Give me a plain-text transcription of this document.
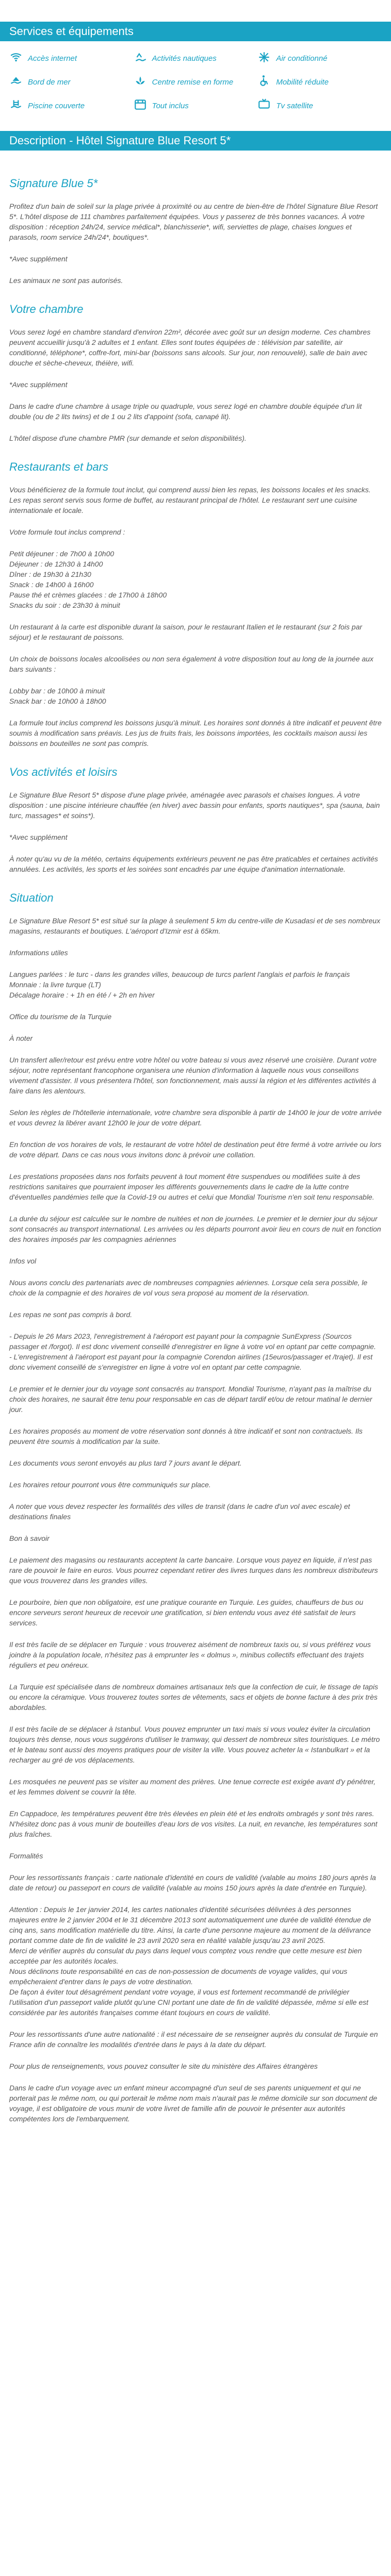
Services et équipements
Accès internet	Activités nautiques	Air conditionné
Bord de mer	Centre remise en forme	Mobilité réduite
Piscine couverte	Tout inclus	Tv satellite
Description - Hôtel Signature Blue Resort 5*
Signature Blue 5*

Profitez d'un bain de soleil sur la plage privée à proximité ou au centre de bien-être de l'hôtel Signature Blue Resort 5*. L'hôtel dispose de 111 chambres parfaitement équipées. Vous y passerez de très bonnes vacances. À votre disposition : réception 24h/24, service médical*, blanchisserie*, wifi, serviettes de plage, chaises longues et parasols, room service 24h/24*, boutiques*.

*Avec supplément

Les animaux ne sont pas autorisés.

Votre chambre

Vous serez logé en chambre standard d'environ 22m², décorée avec goût sur un design moderne. Ces chambres peuvent accueillir jusqu'à 2 adultes et 1 enfant. Elles sont toutes équipées de : télévision par satellite, air conditionné, téléphone*, coffre-fort, mini-bar (boissons sans alcools. Sur jour, non renouvelé), salle de bain avec douche et sèche-cheveux, théière, wifi.

*Avec supplément

Dans le cadre d'une chambre à usage triple ou quadruple, vous serez logé en chambre double équipée d'un lit double (ou de 2 lits twins) et de 1 ou 2 lits d'appoint (sofa, canapé lit).

L'hôtel dispose d'une chambre PMR (sur demande et selon disponibilités).

Restaurants et bars

Vous bénéficierez de la formule tout inclut, qui comprend aussi bien les repas, les boissons locales et les snacks. Les repas seront servis sous forme de buffet, au restaurant principal de l'hôtel. Le restaurant sert une cuisine internationale et locale.

Votre formule tout inclus comprend :

Petit déjeuner : de 7h00 à 10h00
Déjeuner : de 12h30 à 14h00
Dîner : de 19h30 à 21h30
Snack : de 14h00 à 16h00
Pause thé et crèmes glacées : de 17h00 à 18h00
Snacks du soir : de 23h30 à minuit

Un restaurant à la carte est disponible durant la saison, pour le restaurant Italien et le restaurant (sur 2 fois par séjour) et le restaurant de poissons.

Un choix de boissons locales alcoolisées ou non sera également à votre disposition tout au long de la journée aux bars suivants :

Lobby bar : de 10h00 à minuit
Snack bar : de 10h00 à 18h00

La formule tout inclus comprend les boissons jusqu'à minuit. Les horaires sont donnés à titre indicatif et peuvent être soumis à modification sans préavis. Les jus de fruits frais, les boissons importées, les cocktails maison aussi les boissons en bouteilles ne sont pas compris.

Vos activités et loisirs

Le Signature Blue Resort 5* dispose d'une plage privée, aménagée avec parasols et chaises longues. À votre disposition : une piscine intérieure chauffée (en hiver) avec bassin pour enfants, sports nautiques*, spa (sauna, bain turc, massages* et soins*).

*Avec supplément

À noter qu'au vu de la météo, certains équipements extérieurs peuvent ne pas être praticables et certaines activités annulées. Les activités, les sports et les soirées sont encadrés par une équipe d'animation internationale.

Situation

Le Signature Blue Resort 5* est situé sur la plage à seulement 5 km du centre-ville de Kusadasi et de ses nombreux magasins, restaurants et boutiques. L'aéroport d'Izmir est à 65km.

Informations utiles

Langues parlées : le turc - dans les grandes villes, beaucoup de turcs parlent l'anglais et parfois le français
Monnaie : la livre turque (LT)
Décalage horaire : + 1h en été / + 2h en hiver

Office du tourisme de la Turquie

À noter

Un transfert aller/retour est prévu entre votre hôtel ou votre bateau si vous avez réservé une croisière. Durant votre séjour, notre représentant francophone organisera une réunion d'information à laquelle nous vous conseillons vivement d'assister. Il vous présentera l'hôtel, son fonctionnement, mais aussi la région et les différentes activités à faire dans les alentours.

Selon les règles de l'hôtellerie internationale, votre chambre sera disponible à partir de 14h00 le jour de votre arrivée et vous devrez la libérer avant 12h00 le jour de votre départ.

En fonction de vos horaires de vols, le restaurant de votre hôtel de destination peut être fermé à votre arrivée ou lors de votre départ. Dans ce cas nous vous invitons donc à prévoir une collation.

Les prestations proposées dans nos forfaits peuvent à tout moment être suspendues ou modifiées suite à des restrictions sanitaires que pourraient imposer les différents gouvernements dans le cadre de la lutte contre d'éventuelles pandémies telle que la Covid-19 ou autres et celui que Mondial Tourisme n'en soit tenu responsable.

La durée du séjour est calculée sur le nombre de nuitées et non de journées. Le premier et le dernier jour du séjour sont consacrés au transport international. Les arrivées ou les départs pourront avoir lieu en cours de nuit en fonction des horaires imposés par les compagnies aériennes

Infos vol

Nous avons conclu des partenariats avec de nombreuses compagnies aériennes. Lorsque cela sera possible, le choix de la compagnie et des horaires de vol vous sera proposé au moment de la réservation.

Les repas ne sont pas compris à bord.

- Depuis le 26 Mars 2023, l'enregistrement à l'aéroport est payant pour la compagnie SunExpress (Sourcos passager et /forgot). Il est donc vivement conseillé d'enregistrer en ligne à votre vol en optant par cette compagnie.
- L'enregistrement à l'aéroport est payant pour la compagnie Corendon airlines (15euros/passager et /trajet). Il est donc vivement conseillé de s'enregistrer en ligne à votre vol en optant par cette compagnie.

Le premier et le dernier jour du voyage sont consacrés au transport. Mondial Tourisme, n'ayant pas la maîtrise du choix des horaires, ne saurait être tenu pour responsable en cas de départ tardif et/ou de retour matinal le dernier jour.

Les horaires proposés au moment de votre réservation sont donnés à titre indicatif et sont non contractuels. Ils peuvent être soumis à modification par la suite.

Les documents vous seront envoyés au plus tard 7 jours avant le départ.

Les horaires retour pourront vous être communiqués sur place.

A noter que vous devez respecter les formalités des villes de transit (dans le cadre d'un vol avec escale) et destinations finales

Bon à savoir

Le paiement des magasins ou restaurants acceptent la carte bancaire. Lorsque vous payez en liquide, il n'est pas rare de pouvoir le faire en euros. Vous pourrez cependant retirer des livres turques dans les nombreux distributeurs que vous trouverez dans les grandes villes.

Le pourboire, bien que non obligatoire, est une pratique courante en Turquie. Les guides, chauffeurs de bus ou encore serveurs seront heureux de recevoir une gratification, si bien entendu vous avez été satisfait de leurs services.

Il est très facile de se déplacer en Turquie : vous trouverez aisément de nombreux taxis ou, si vous préférez vous joindre à la population locale, n'hésitez pas à emprunter les « dolmus », minibus collectifs effectuant des trajets réguliers et peu onéreux.

La Turquie est spécialisée dans de nombreux domaines artisanaux tels que la confection de cuir, le tissage de tapis ou encore la céramique. Vous trouverez toutes sortes de vêtements, sacs et objets de bonne facture à des prix très abordables.

Il est très facile de se déplacer à Istanbul. Vous pouvez emprunter un taxi mais si vous voulez éviter la circulation toujours très dense, nous vous suggérons d'utiliser le tramway, qui dessert de nombreux sites touristiques. Le métro et le bateau sont aussi des moyens pratiques pour de visiter la ville. Vous pouvez acheter la « Istanbulkart » et la recharger au gré de vos déplacements.

Les mosquées ne peuvent pas se visiter au moment des prières. Une tenue correcte est exigée avant d'y pénétrer, et les femmes doivent se couvrir la tête.

En Cappadoce, les températures peuvent être très élevées en plein été et les endroits ombragés y sont très rares. N'hésitez donc pas à vous munir de bouteilles d'eau lors de vos visites. La nuit, en revanche, les températures sont plus fraîches.

Formalités

Pour les ressortissants français : carte nationale d'identité en cours de validité (valable au moins 180 jours après la date de retour) ou passeport en cours de validité (valable au moins 150 jours après la date d'entrée en Turquie).

Attention : Depuis le 1er janvier 2014, les cartes nationales d'identité sécurisées délivrées à des personnes majeures entre le 2 janvier 2004 et le 31 décembre 2013 sont automatiquement une durée de validité étendue de cinq ans, sans modification matérielle du titre. Ainsi, la carte d'une personne majeure au moment de la délivrance portant comme date de fin de validité le 23 avril 2020 sera en réalité valable jusqu'au 23 avril 2025.
Merci de vérifier auprès du consulat du pays dans lequel vous comptez vous rendre que cette mesure est bien acceptée par les autorités locales.
Nous déclinons toute responsabilité en cas de non-possession de documents de voyage valides, qui vous empêcheraient d'entrer dans le pays de votre destination.
De façon à éviter tout désagrément pendant votre voyage, il vous est fortement recommandé de privilégier l'utilisation d'un passeport valide plutôt qu'une CNI portant une date de fin de validité dépassée, même si elle est considérée par les autorités françaises comme étant toujours en cours de validité.

Pour les ressortissants d'une autre nationalité : il est nécessaire de se renseigner auprès du consulat de Turquie en France afin de connaître les modalités d'entrée dans le pays à la date du départ.

Pour plus de renseignements, vous pouvez consulter le site du ministère des Affaires étrangères

Dans le cadre d'un voyage avec un enfant mineur accompagné d'un seul de ses parents uniquement et qui ne porterait pas le même nom, ou qui porterait le même nom mais n'aurait pas le même domicile sur son document de voyage, il est obligatoire de vous munir de votre livret de famille afin de pouvoir le présenter aux autorités compétentes lors de l'embarquement.
